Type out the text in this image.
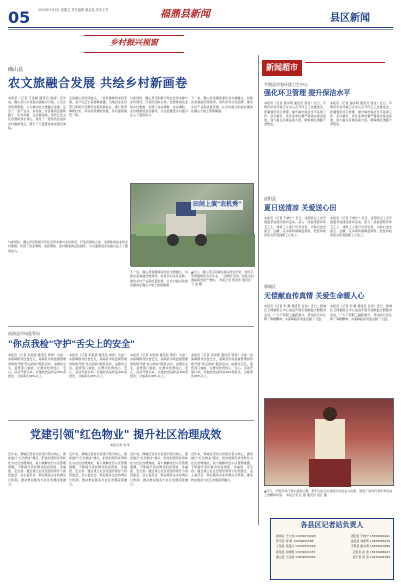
05 2024年3月9日 星期五 责任编辑 谢金星 美术王芳	福鼎县新闻	县区新闻
乡村振兴视窗
确山县
农文旅融合发展 共绘乡村新画卷
本报讯（记者 王宜峰 通讯员 周丽）近年来，确山县以乡村振兴战略为引领，立足自身资源禀赋，大力推动农文旅融合发展，走出了一条产业兴、乡村美、农民富的发展新路子。在竹沟镇、任店镇等地，依托红色文化资源和绿水青山，建设了一批特色民宿和乡村旅游景点，吸引了大量游客前来观光体验。
走进确山县田间地头，一台台插秧机来回穿梭，农户们正忙着春耕备播。当地农业农村部门积极引导群众发展高效农业，推广新型种植技术，带动村民增收致富，乡村面貌焕然一新。
与此同时，确山县还积极引导社会资本参与乡村建设，打造田园综合体，发展休闲农业和乡村旅游，实现了农业增效、农民增收、农村增美的良性循环，为全面推进乡村振兴注入了强劲动力。
下一步，确山县将继续深化农文旅融合，持续完善基础设施建设，培育乡村文化品牌，推动乡村产业高质量发展，让乡村振兴的美好画卷在确山大地上徐徐铺展。
田间上演"农机秀"
与此同时，确山县还积极引导社会资本参与乡村建设，打造田园综合体，发展休闲农业和乡村旅游，实现了农业增效、农民增收、农村增美的良性循环，为全面推进乡村振兴注入了强劲动力。
▲近日，确山县任店镇的高标准农田里，农机手驾驶插秧机有序作业，一派繁忙景象，抢抓农时确保粮食稳产增收。 本报记者 周宏伟 通讯员 王 丽 摄
下一步，确山县将继续深化农文旅融合，持续完善基础设施建设，培育乡村文化品牌，推动乡村产业高质量发展，让乡村振兴的美好画卷在确山大地上徐徐铺展。
南海县市场监管局
"你点我检"守护"舌尖上的安全"
本报讯（记者 李思源 通讯员 周雪）为进一步保障群众饮食安全，南海县市场监督管理局积极开展"你点我检"服务活动，由群众点名，监管部门抽检，让群众吃得放心、安心。活动开展以来，共抽检食品样品300余批次，合格率达98%以上。
本报讯（记者 李思源 通讯员 周雪）为进一步保障群众饮食安全，南海县市场监督管理局积极开展"你点我检"服务活动，由群众点名，监管部门抽检，让群众吃得放心、安心。活动开展以来，共抽检食品样品300余批次，合格率达98%以上。
本报讯（记者 李思源 通讯员 周雪）为进一步保障群众饮食安全，南海县市场监督管理局积极开展"你点我检"服务活动，由群众点名，监管部门抽检，让群众吃得放心、安心。活动开展以来，共抽检食品样品300余批次，合格率达98%以上。
本报讯（记者 李思源 通讯员 周雪）为进一步保障群众饮食安全，南海县市场监督管理局积极开展"你点我检"服务活动，由群众点名，监管部门抽检，让群众吃得放心、安心。活动开展以来，共抽检食品样品300余批次，合格率达98%以上。
党建引领"红色物业" 提升社区治理成效
本报记者 刘 军
近年来，驿城区坚持以党建引领为核心，探索推行"红色物业"模式，把党的组织优势转化为社区治理效能，着力破解老旧小区管理难题，不断提升居民群众的获得感、幸福感、安全感。通过建立社区党组织领导下的居委会、业主委员会、物业服务企业协调运行机制，推动物业服务与社区治理深度融合。
近年来，驿城区坚持以党建引领为核心，探索推行"红色物业"模式，把党的组织优势转化为社区治理效能，着力破解老旧小区管理难题，不断提升居民群众的获得感、幸福感、安全感。通过建立社区党组织领导下的居委会、业主委员会、物业服务企业协调运行机制，推动物业服务与社区治理深度融合。
近年来，驿城区坚持以党建引领为核心，探索推行"红色物业"模式，把党的组织优势转化为社区治理效能，着力破解老旧小区管理难题，不断提升居民群众的获得感、幸福感、安全感。通过建立社区党组织领导下的居委会、业主委员会、物业服务企业协调运行机制，推动物业服务与社区治理深度融合。
近年来，驿城区坚持以党建引领为核心，探索推行"红色物业"模式，把党的组织优势转化为社区治理效能，着力破解老旧小区管理难题，不断提升居民群众的获得感、幸福感、安全感。通过建立社区党组织领导下的居委会、业主委员会、物业服务企业协调运行机制，推动物业服务与社区治理深度融合。
新闻超市
平舆县市容环境卫生中心
强化环卫管理 提升保洁水平
本报讯（记者 谢永明 通讯员 徐亚）近日，平舆县市容环境卫生中心召开环卫工作推进会，部署强化环卫管理、提升城市保洁水平各项工作。会议要求，各作业单位要严格落实保洁标准，加大重点区域巡查力度，确保城区道路干净整洁。
本报讯（记者 谢永明 通讯员 徐亚）近日，平舆县市容环境卫生中心召开环卫工作推进会，部署强化环卫管理、提升城市保洁水平各项工作。会议要求，各作业单位要严格落实保洁标准，加大重点区域巡查力度，确保城区道路干净整洁。
泌阳县
夏日送清凉 关爱送心田
本报讯（记者 于晓宁）近日，泌阳县总工会开展夏季送清凉慰问活动，深入一线看望慰问环卫工人、建筑工人等户外劳动者，为他们送去绿豆、白糖、毛巾等防暑降温物资，把党和政府的关怀送到职工心坎上。
本报讯（记者 于晓宁）近日，泌阳县总工会开展夏季送清凉慰问活动，深入一线看望慰问环卫工人、建筑工人等户外劳动者，为他们送去绿豆、白糖、毛巾等防暑降温物资，把党和政府的关怀送到职工心坎上。
驿城区
无偿献血传真情 关爱生命暖人心
本报讯（记者 李 静 通讯员 张伟）近日，驿城区卫健委联合中心血站开展无偿献血志愿服务活动，广大干部职工踊跃参与，用实际行动诠释了奉献精神，为保障临床用血贡献了力量。
本报讯（记者 李 静 通讯员 张伟）近日，驿城区卫健委联合中心血站开展无偿献血志愿服务活动，广大干部职工踊跃参与，用实际行动诠释了奉献精神，为保障临床用血贡献了力量。
▲近日，平舆县举行青年演讲比赛，青年们结合自身经历讲述奋斗故事，展现了新时代青年昂扬向上的精神风貌。 本报记者 张 强 通讯员 刘红 摄
各县区记者站负责人
驿城区 王大伟 13939679998	泌阳县 于晓宁 13839666661
西平县 杨 帆 13939665588	汝南县 刘德明 13839695678
上蔡县 吴振兴 13939655999	平舆县 谢永明 13839610086
新蔡县 李晓明 13939631357	正阳县 孙 雷 13939686623
确山县 王宜峰 13839659958	遂平县 周 涛 13939606789
